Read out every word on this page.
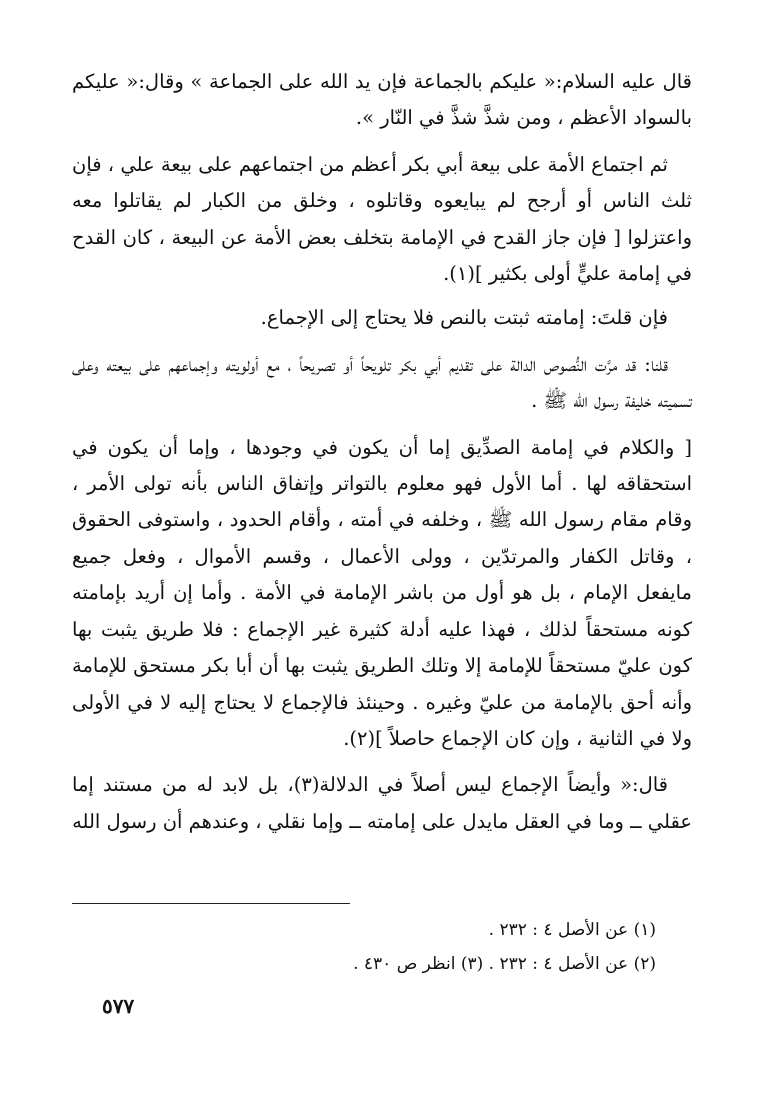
قال عليه السلام:« عليكم بالجماعة فإن يد الله على الجماعة » وقال:« عليكم بالسواد الأعظم ، ومن شذَّ شذَّ في النّار ».

ثم اجتماع الأمة على بيعة أبي بكر أعظم من اجتماعهم على بيعة علي ، فإن ثلث الناس أو أرجح لم يبايعوه وقاتلوه ، وخلق من الكبار لم يقاتلوا معه واعتزلوا [ فإن جاز القدح في الإمامة بتخلف بعض الأمة عن البيعة ، كان القدح في إمامة عليٍّ أولى بكثير ](١).

فإن قلتَ: إمامته ثبتت بالنص فلا يحتاج إلى الإجماع.

قلنا: قد مرَّت النُّصوص الدالة على تقديم أبي بكر تلويحاً أو تصريحاً ، مع أولويته وإجماعهم على بيعته وعلى تسميته خليفة رسول الله ﷺ .

[ والكلام في إمامة الصدِّيق إما أن يكون في وجودها ، وإما أن يكون في استحقاقه لها . أما الأول فهو معلوم بالتواتر وإتفاق الناس بأنه تولى الأمر ، وقام مقام رسول الله ﷺ ، وخلفه في أمته ، وأقام الحدود ، واستوفى الحقوق ، وقاتل الكفار والمرتدّين ، وولى الأعمال ، وقسم الأموال ، وفعل جميع مايفعل الإمام ، بل هو أول من باشر الإمامة في الأمة . وأما إن أريد بإمامته كونه مستحقاً لذلك ، فهذا عليه أدلة كثيرة غير الإجماع : فلا طريق يثبت بها كون عليّ مستحقاً للإمامة إلا وتلك الطريق يثبت بها أن أبا بكر مستحق للإمامة وأنه أحق بالإمامة من عليّ وغيره . وحينئذ فالإجماع لا يحتاج إليه لا في الأولى ولا في الثانية ، وإن كان الإجماع حاصلاً ](٢).

قال:« وأيضاً الإجماع ليس أصلاً في الدلالة(٣)، بل لابد له من مستند إما عقلي ــ وما في العقل مايدل على إمامته ــ وإما نقلي ، وعندهم أن رسول الله

(١) عن الأصل ٤ : ٢٣٢ .

(٢) عن الأصل ٤ : ٢٣٢ . (٣) انظر ص ٤٣٠ .

٥٧٧
